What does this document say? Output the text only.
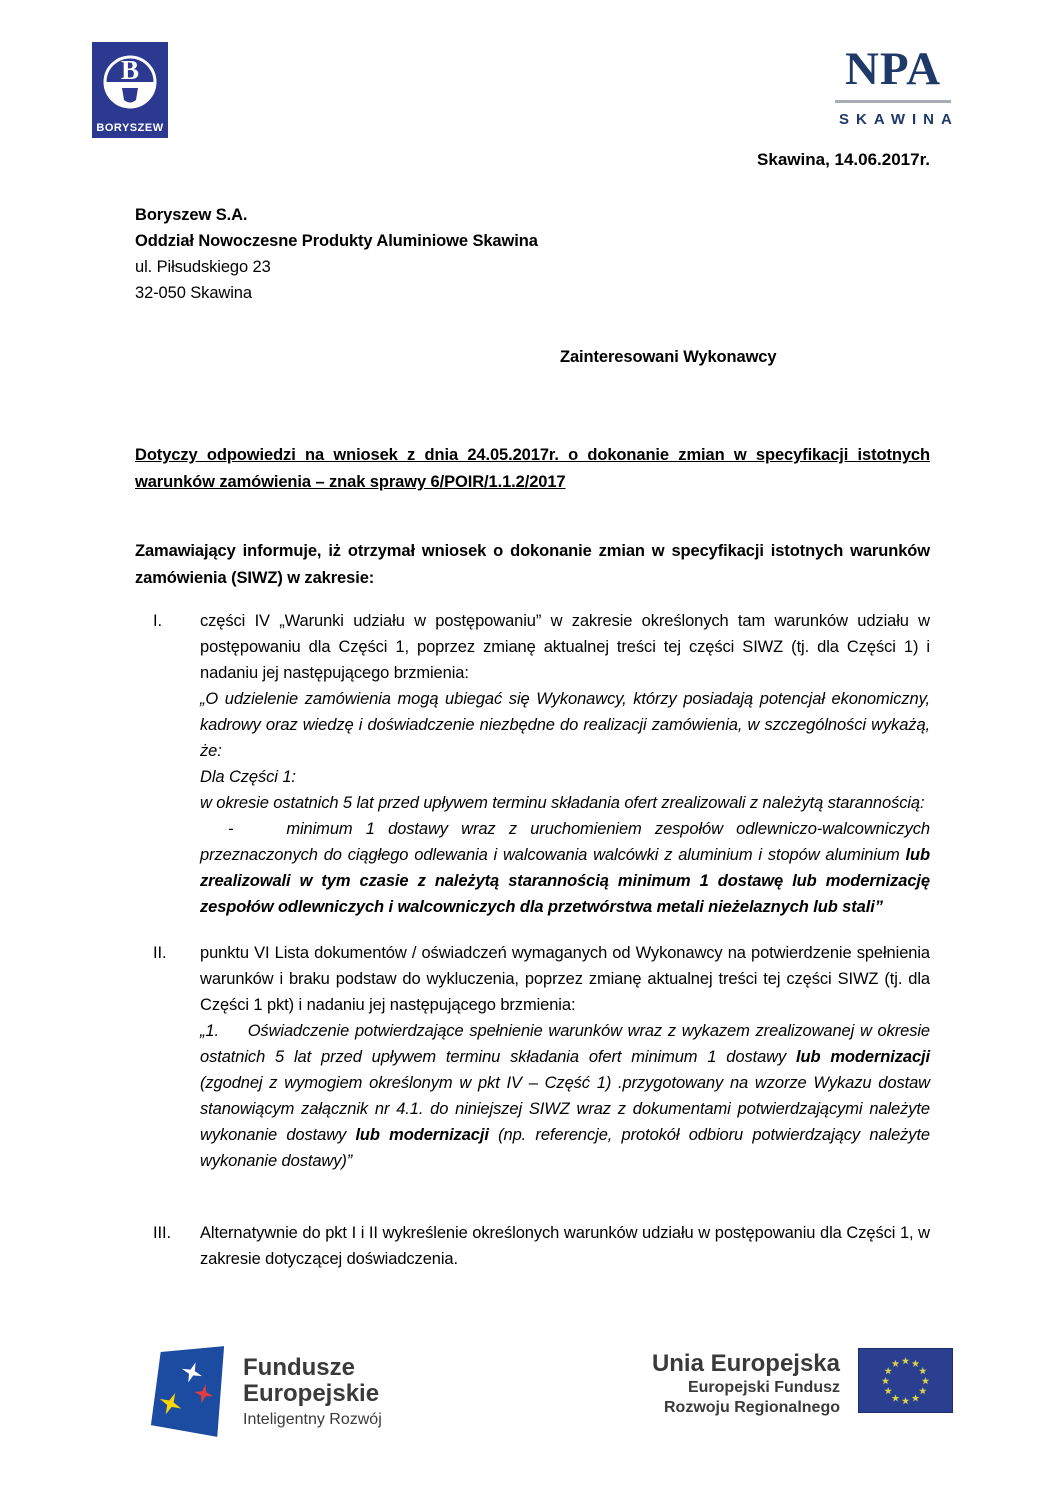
B
BORYSZEW
NPA
SKAWINA
Skawina, 14.06.2017r.
Boryszew S.A.
Oddział Nowoczesne Produkty Aluminiowe Skawina
ul. Piłsudskiego 23
32-050 Skawina
Zainteresowani Wykonawcy

Dotyczy odpowiedzi na wniosek z dnia 24.05.2017r. o dokonanie zmian w specyfikacji istotnych warunków zamówienia – znak sprawy 6/POIR/1.1.2/2017

Zamawiający informuje, iż otrzymał wniosek o dokonanie zmian w specyfikacji istotnych warunków zamówienia (SIWZ) w zakresie:

I. części IV „Warunki udziału w postępowaniu” w zakresie określonych tam warunków udziału w postępowaniu dla Części 1, poprzez zmianę aktualnej treści tej części SIWZ (tj. dla Części 1) i nadaniu jej następującego brzmienia:

„O udzielenie zamówienia mogą ubiegać się Wykonawcy, którzy posiadają potencjał ekonomiczny, kadrowy oraz wiedzę i doświadczenie niezbędne do realizacji zamówienia, w szczególności wykażą, że:

Dla Części 1:

w okresie ostatnich 5 lat przed upływem terminu składania ofert zrealizowali z należytą starannością:

-    minimum 1 dostawy wraz z uruchomieniem zespołów odlewniczo-walcowniczych przeznaczonych do ciągłego odlewania i walcowania walcówki z aluminium i stopów aluminium lub zrealizowali w tym czasie z należytą starannością minimum 1 dostawę lub modernizację zespołów odlewniczych i walcowniczych dla przetwórstwa metali nieżelaznych lub stali”

II. punktu VI Lista dokumentów / oświadczeń wymaganych od Wykonawcy na potwierdzenie spełnienia warunków i braku podstaw do wykluczenia, poprzez zmianę aktualnej treści tej części SIWZ (tj. dla Części 1 pkt) i nadaniu jej następującego brzmienia:

„1.     Oświadczenie potwierdzające spełnienie warunków wraz z wykazem zrealizowanej w okresie ostatnich 5 lat przed upływem terminu składania ofert minimum 1 dostawy lub modernizacji (zgodnej z wymogiem określonym w pkt IV – Część 1) .przygotowany na wzorze Wykazu dostaw stanowiącym załącznik nr 4.1. do niniejszej SIWZ wraz z dokumentami potwierdzającymi należyte wykonanie dostawy lub modernizacji (np. referencje, protokół odbioru potwierdzający należyte wykonanie dostawy)”

III. Alternatywnie do pkt I i II wykreślenie określonych warunków udziału w postępowaniu dla Części 1, w zakresie dotyczącej doświadczenia.

Fundusze
Europejskie
Inteligentny Rozwój
Unia Europejska
Europejski Fundusz
Rozwoju Regionalnego
